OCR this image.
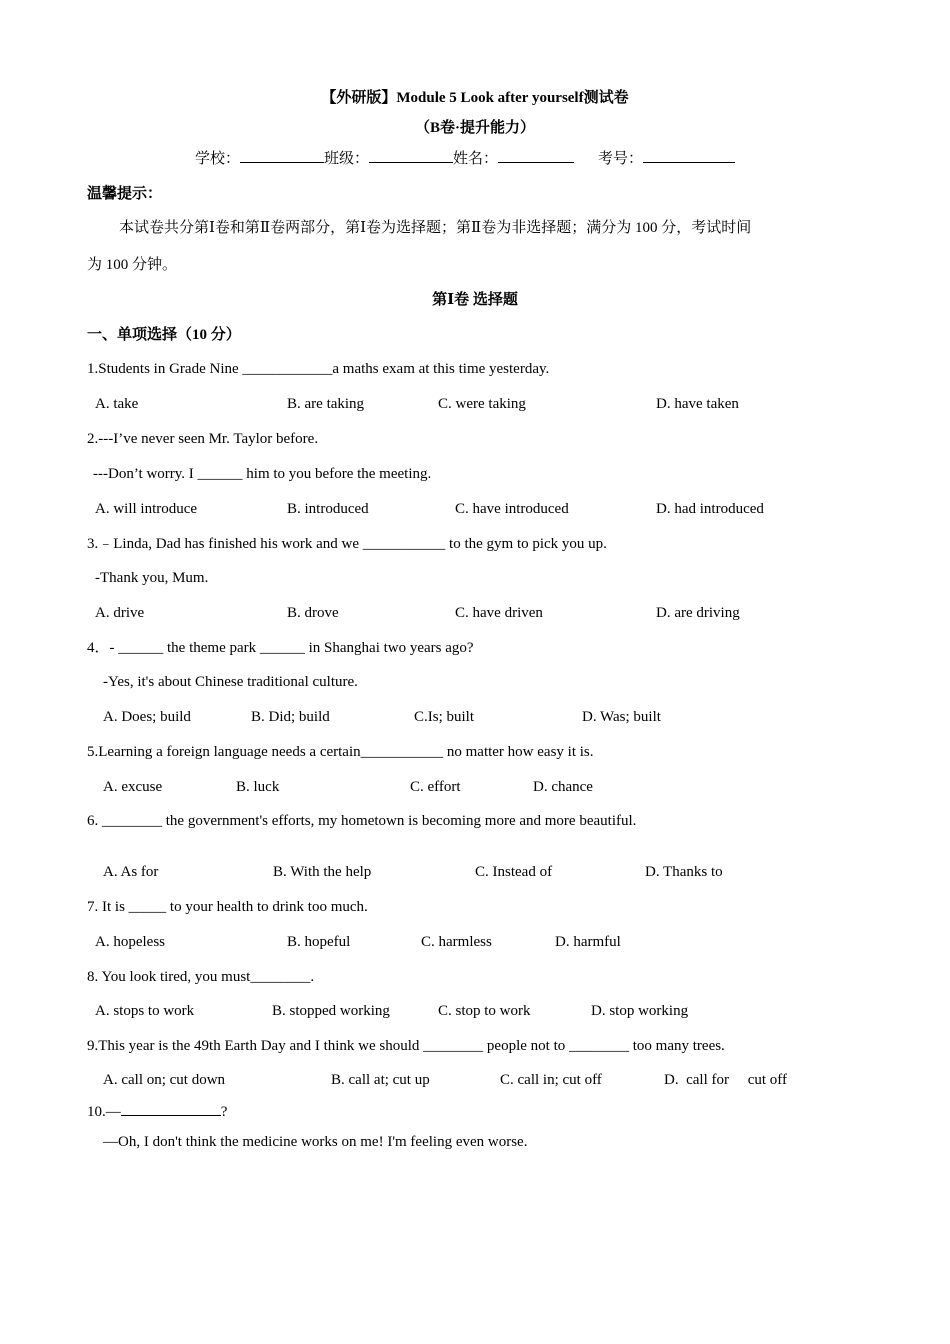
【外研版】Module 5 Look after yourself测试卷
（B卷·提升能力）
学校：	班级：	姓名：	考号：
温馨提示：
本试卷共分第Ⅰ卷和第Ⅱ卷两部分，第Ⅰ卷为选择题；第Ⅱ卷为非选择题；满分为 100 分，考试时间
为 100 分钟。
第Ⅰ卷 选择题
一、单项选择（10 分）
1.Students in Grade Nine ____________a maths exam at this time yesterday.
A. take	B. are taking	C. were taking	D. have taken
2.---I’ve never seen Mr. Taylor before.
---Don’t worry. I ______ him to you before the meeting.
A. will introduce	B. introduced	C. have introduced	D. had introduced
3.﹣Linda, Dad has finished his work and we ___________ to the gym to pick you up.
-Thank you, Mum.
A. drive	B. drove	C. have driven	D. are driving
4．- ______ the theme park ______ in Shanghai two years ago?
-Yes, it's about Chinese traditional culture.
A. Does; build	B. Did; build	C.Is; built	D. Was; built
5.Learning a foreign language needs a certain___________ no matter how easy it is.
A. excuse	B. luck	C. effort	D. chance
6. ________ the government's efforts, my hometown is becoming more and more beautiful.
A. As for	B. With the help	C. Instead of	D. Thanks to
7. It is _____ to your health to drink too much.
A. hopeless	B. hopeful	C. harmless	D. harmful
8. You look tired, you must________.
A. stops to work	B. stopped working	C. stop to work	D. stop working
9.This year is the 49th Earth Day and I think we should ________ people not to ________ too many trees.
A. call on; cut down	B. call at; cut up	C. call in; cut off	D.  call for     cut off
10.—	?
—Oh, I don't think the medicine works on me! I'm feeling even worse.
